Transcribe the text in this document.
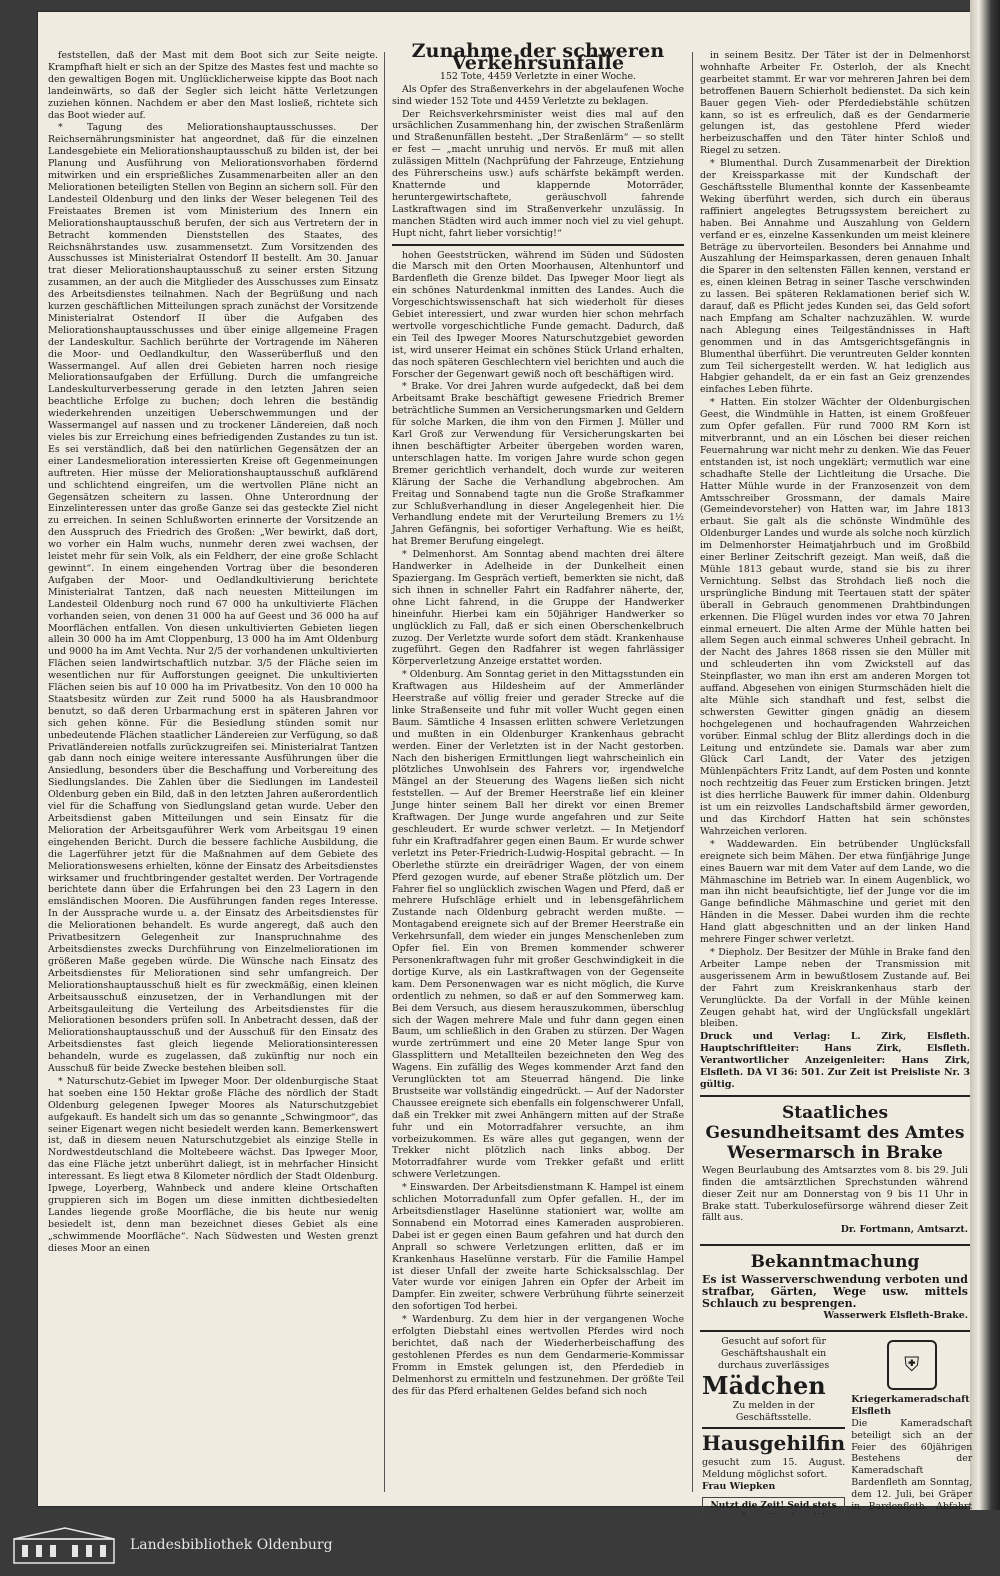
feststellen, daß der Mast mit dem Boot sich zur Seite neigte. Krampfhaft hielt er sich an der Spitze des Mastes fest und machte so den gewaltigen Bogen mit. Unglücklicherweise kippte das Boot nach landeinwärts, so daß der Segler sich leicht hätte Verletzungen zuziehen können. Nachdem er aber den Mast losließ, richtete sich das Boot wieder auf.

* Tagung des Meliorationshauptausschusses. Der Reichsernährungsminister hat angeordnet, daß für die einzelnen Landesgebiete ein Meliorationshauptausschuß zu bilden ist, der bei Planung und Ausführung von Meliorationsvorhaben fördernd mitwirken und ein ersprießliches Zusammenarbeiten aller an den Meliorationen beteiligten Stellen von Beginn an sichern soll. Für den Landesteil Oldenburg und den links der Weser belegenen Teil des Freistaates Bremen ist vom Ministerium des Innern ein Meliorationshauptausschuß berufen, der sich aus Vertretern der in Betracht kommenden Dienststellen des Staates, des Reichsnährstandes usw. zusammensetzt. Zum Vorsitzenden des Ausschusses ist Ministerialrat Ostendorf II bestellt. Am 30. Januar trat dieser Meliorationshauptausschuß zu seiner ersten Sitzung zusammen, an der auch die Mitglieder des Ausschusses zum Einsatz des Arbeitsdienstes teilnahmen. Nach der Begrüßung und nach kurzen geschäftlichen Mitteilungen sprach zunächst der Vorsitzende Ministerialrat Ostendorf II über die Aufgaben des Meliorationshauptausschusses und über einige allgemeine Fragen der Landeskultur. Sachlich berührte der Vortragende im Näheren die Moor- und Oedlandkultur, den Wasserüberfluß und den Wassermangel. Auf allen drei Gebieten harren noch riesige Meliorationsaufgaben der Erfüllung. Durch die umfangreiche Landeskulturverbesserung gerade in den letzten Jahren seien beachtliche Erfolge zu buchen; doch lehren die beständig wiederkehrenden unzeitigen Ueberschwemmungen und der Wassermangel auf nassen und zu trockener Ländereien, daß noch vieles bis zur Erreichung eines befriedigenden Zustandes zu tun ist. Es sei verständlich, daß bei den natürlichen Gegensätzen der an einer Landesmelioration interessierten Kreise oft Gegenmeinungen auftreten. Hier müsse der Meliorationshauptausschuß aufklärend und schlichtend eingreifen, um die wertvollen Pläne nicht an Gegensätzen scheitern zu lassen. Ohne Unterordnung der Einzelinteressen unter das große Ganze sei das gesteckte Ziel nicht zu erreichen. In seinen Schlußworten erinnerte der Vorsitzende an den Ausspruch des Friedrich des Großen: „Wer bewirkt, daß dort, wo vorher ein Halm wuchs, nunmehr deren zwei wachsen, der leistet mehr für sein Volk, als ein Feldherr, der eine große Schlacht gewinnt“. In einem eingehenden Vortrag über die besonderen Aufgaben der Moor- und Oedlandkultivierung berichtete Ministerialrat Tantzen, daß nach neuesten Mitteilungen im Landesteil Oldenburg noch rund 67 000 ha unkultivierte Flächen vorhanden seien, von denen 31 000 ha auf Geest und 36 000 ha auf Moorflächen entfallen. Von diesen unkultivierten Gebieten liegen allein 30 000 ha im Amt Cloppenburg, 13 000 ha im Amt Oldenburg und 9000 ha im Amt Vechta. Nur 2/5 der vorhandenen unkultivierten Flächen seien landwirtschaftlich nutzbar. 3/5 der Fläche seien im wesentlichen nur für Aufforstungen geeignet. Die unkultivierten Flächen seien bis auf 10 000 ha im Privatbesitz. Von den 10 000 ha Staatsbesitz würden zur Zeit rund 5000 ha als Hausbrandmoor benutzt, so daß deren Urbarmachung erst in späteren Jahren vor sich gehen könne. Für die Besiedlung stünden somit nur unbedeutende Flächen staatlicher Ländereien zur Verfügung, so daß Privatländereien notfalls zurückzugreifen sei. Ministerialrat Tantzen gab dann noch einige weitere interessante Ausführungen über die Ansiedlung, besonders über die Beschaffung und Vorbereitung des Siedlungslandes. Die Zahlen über die Siedlungen im Landesteil Oldenburg geben ein Bild, daß in den letzten Jahren außerordentlich viel für die Schaffung von Siedlungsland getan wurde. Ueber den Arbeitsdienst gaben Mitteilungen und sein Einsatz für die Melioration der Arbeitsgauführer Werk vom Arbeitsgau 19 einen eingehenden Bericht. Durch die bessere fachliche Ausbildung, die die Lagerführer jetzt für die Maßnahmen auf dem Gebiete des Meliorationswesens erhielten, könne der Einsatz des Arbeitsdienstes wirksamer und fruchtbringender gestaltet werden. Der Vortragende berichtete dann über die Erfahrungen bei den 23 Lagern in den emsländischen Mooren. Die Ausführungen fanden reges Interesse. In der Aussprache wurde u. a. der Einsatz des Arbeitsdienstes für die Meliorationen behandelt. Es wurde angeregt, daß auch den Privatbesitzern Gelegenheit zur Inanspruchnahme des Arbeitsdienstes zwecks Durchführung von Einzelmeliorationen im größeren Maße gegeben würde. Die Wünsche nach Einsatz des Arbeitsdienstes für Meliorationen sind sehr umfangreich. Der Meliorationshauptausschuß hielt es für zweckmäßig, einen kleinen Arbeitsausschuß einzusetzen, der in Verhandlungen mit der Arbeitsgauleitung die Verteilung des Arbeitsdienstes für die Meliorationen besonders prüfen soll. In Anbetracht dessen, daß der Meliorationshauptausschuß und der Ausschuß für den Einsatz des Arbeitsdienstes fast gleich liegende Meliorationsinteressen behandeln, wurde es zugelassen, daß zukünftig nur noch ein Ausschuß für beide Zwecke bestehen bleiben soll.

* Naturschutz-Gebiet im Ipweger Moor. Der oldenburgische Staat hat soeben eine 150 Hektar große Fläche des nördlich der Stadt Oldenburg gelegenen Ipweger Moores als Naturschutzgebiet aufgekauft. Es handelt sich um das so genannte „Schwingmoor“, das seiner Eigenart wegen nicht besiedelt werden kann. Bemerkenswert ist, daß in diesem neuen Naturschutzgebiet als einzige Stelle in Nordwestdeutschland die Moltebeere wächst. Das Ipweger Moor, das eine Fläche jetzt unberührt daliegt, ist in mehrfacher Hinsicht interessant. Es liegt etwa 8 Kilometer nördlich der Stadt Oldenburg. Ipwege, Loyerberg, Wahnbeck und andere kleine Ortschaften gruppieren sich im Bogen um diese inmitten dichtbesiedelten Landes liegende große Moorfläche, die bis heute nur wenig besiedelt ist, denn man bezeichnet dieses Gebiet als eine „schwimmende Moorfläche“. Nach Südwesten und Westen grenzt dieses Moor an einen

Zunahme der schweren Verkehrsunfälle

152 Tote, 4459 Verletzte in einer Woche.

Als Opfer des Straßenverkehrs in der abgelaufenen Woche sind wieder 152 Tote und 4459 Verletzte zu beklagen.

Der Reichsverkehrsminister weist dies mal auf den ursächlichen Zusammenhang hin, der zwischen Straßenlärm und Straßenunfällen besteht. „Der Straßenlärm“ — so stellt er fest — „macht unruhig und nervös. Er muß mit allen zulässigen Mitteln (Nachprüfung der Fahrzeuge, Entziehung des Führerscheins usw.) aufs schärfste bekämpft werden. Knatternde und klappernde Motorräder, heruntergewirtschaftete, geräuschvoll fahrende Lastkraftwagen sind im Straßenverkehr unzulässig. In manchen Städten wird auch immer noch viel zu viel gehupt. Hupt nicht, fahrt lieber vorsichtig!“

hohen Geeststrücken, während im Süden und Südosten die Marsch mit den Orten Moorhausen, Altenhuntorf und Bardenfleth die Grenze bildet. Das Ipweger Moor liegt als ein schönes Naturdenkmal inmitten des Landes. Auch die Vorgeschichtswissenschaft hat sich wiederholt für dieses Gebiet interessiert, und zwar wurden hier schon mehrfach wertvolle vorgeschichtliche Funde gemacht. Dadurch, daß ein Teil des Ipweger Moores Naturschutzgebiet geworden ist, wird unserer Heimat ein schönes Stück Urland erhalten, das noch späteren Geschlechtern viel berichten und auch die Forscher der Gegenwart gewiß noch oft beschäftigen wird.

* Brake. Vor drei Jahren wurde aufgedeckt, daß bei dem Arbeitsamt Brake beschäftigt gewesene Friedrich Bremer beträchtliche Summen an Versicherungsmarken und Geldern für solche Marken, die ihm von den Firmen J. Müller und Karl Groß zur Verwendung für Versicherungskarten bei ihnen beschäftigter Arbeiter übergeben worden waren, unterschlagen hatte. Im vorigen Jahre wurde schon gegen Bremer gerichtlich verhandelt, doch wurde zur weiteren Klärung der Sache die Verhandlung abgebrochen. Am Freitag und Sonnabend tagte nun die Große Strafkammer zur Schlußverhandlung in dieser Angelegenheit hier. Die Verhandlung endete mit der Verurteilung Bremers zu 1½ Jahren Gefängnis, bei sofortiger Verhaftung. Wie es heißt, hat Bremer Berufung eingelegt.

* Delmenhorst. Am Sonntag abend machten drei ältere Handwerker in Adelheide in der Dunkelheit einen Spaziergang. Im Gespräch vertieft, bemerkten sie nicht, daß sich ihnen in schneller Fahrt ein Radfahrer näherte, der, ohne Licht fahrend, in die Gruppe der Handwerker hineinfuhr. Hierbei kam ein 50jähriger Handwerker so unglücklich zu Fall, daß er sich einen Oberschenkelbruch zuzog. Der Verletzte wurde sofort dem städt. Krankenhause zugeführt. Gegen den Radfahrer ist wegen fahrlässiger Körperverletzung Anzeige erstattet worden.

* Oldenburg. Am Sonntag geriet in den Mittagsstunden ein Kraftwagen aus Hildesheim auf der Ammerländer Heerstraße auf völlig freier und gerader Strecke auf die linke Straßenseite und fuhr mit voller Wucht gegen einen Baum. Sämtliche 4 Insassen erlitten schwere Verletzungen und mußten in ein Oldenburger Krankenhaus gebracht werden. Einer der Verletzten ist in der Nacht gestorben. Nach den bisherigen Ermittlungen liegt wahrscheinlich ein plötzliches Unwohlsein des Fahrers vor, irgendwelche Mängel an der Steuerung des Wagens ließen sich nicht feststellen. — Auf der Bremer Heerstraße lief ein kleiner Junge hinter seinem Ball her direkt vor einen Bremer Kraftwagen. Der Junge wurde angefahren und zur Seite geschleudert. Er wurde schwer verletzt. — In Metjendorf fuhr ein Kraftradfahrer gegen einen Baum. Er wurde schwer verletzt ins Peter-Friedrich-Ludwig-Hospital gebracht. — In Oberlethe stürzte ein dreirädriger Wagen, der von einem Pferd gezogen wurde, auf ebener Straße plötzlich um. Der Fahrer fiel so unglücklich zwischen Wagen und Pferd, daß er mehrere Hufschläge erhielt und in lebensgefährlichem Zustande nach Oldenburg gebracht werden mußte. — Montagabend ereignete sich auf der Bremer Heerstraße ein Verkehrsunfall, dem wieder ein junges Menschenleben zum Opfer fiel. Ein von Bremen kommender schwerer Personenkraftwagen fuhr mit großer Geschwindigkeit in die dortige Kurve, als ein Lastkraftwagen von der Gegenseite kam. Dem Personenwagen war es nicht möglich, die Kurve ordentlich zu nehmen, so daß er auf den Sommerweg kam. Bei dem Versuch, aus diesem herauszukommen, überschlug sich der Wagen mehrere Male und fuhr dann gegen einen Baum, um schließlich in den Graben zu stürzen. Der Wagen wurde zertrümmert und eine 20 Meter lange Spur von Glassplittern und Metallteilen bezeichneten den Weg des Wagens. Ein zufällig des Weges kommender Arzt fand den Verunglückten tot am Steuerrad hängend. Die linke Brustseite war vollständig eingedrückt. — Auf der Nadorster Chaussee ereignete sich ebenfalls ein folgenschwerer Unfall, daß ein Trekker mit zwei Anhängern mitten auf der Straße fuhr und ein Motorradfahrer versuchte, an ihm vorbeizukommen. Es wäre alles gut gegangen, wenn der Trekker nicht plötzlich nach links abbog. Der Motorradfahrer wurde vom Trekker gefaßt und erlitt schwere Verletzungen.

* Einswarden. Der Arbeitsdienstmann K. Hampel ist einem schlichen Motorradunfall zum Opfer gefallen. H., der im Arbeitsdienstlager Haselünne stationiert war, wollte am Sonnabend ein Motorrad eines Kameraden ausprobieren. Dabei ist er gegen einen Baum gefahren und hat durch den Anprall so schwere Verletzungen erlitten, daß er im Krankenhaus Haselünne verstarb. Für die Familie Hampel ist dieser Unfall der zweite harte Schicksalsschlag. Der Vater wurde vor einigen Jahren ein Opfer der Arbeit im Dampfer. Ein zweiter, schwere Verbrühung führte seinerzeit den sofortigen Tod herbei.

* Wardenburg. Zu dem hier in der vergangenen Woche erfolgten Diebstahl eines wertvollen Pferdes wird noch berichtet, daß nach der Wiederherbeischaffung des gestohlenen Pferdes es nun dem Gendarmerie-Kommissar Fromm in Emstek gelungen ist, den Pferdedieb in Delmenhorst zu ermitteln und festzunehmen. Der größte Teil des für das Pferd erhaltenen Geldes befand sich noch

in seinem Besitz. Der Täter ist der in Delmenhorst wohnhafte Arbeiter Fr. Osterloh, der als Knecht gearbeitet stammt. Er war vor mehreren Jahren bei dem betroffenen Bauern Schierholt bedienstet. Da sich kein Bauer gegen Vieh- oder Pferdediebstähle schützen kann, so ist es erfreulich, daß es der Gendarmerie gelungen ist, das gestohlene Pferd wieder herbeizuschaffen und den Täter hinter Schloß und Riegel zu setzen.

* Blumenthal. Durch Zusammenarbeit der Direktion der Kreissparkasse mit der Kundschaft der Geschäftsstelle Blumenthal konnte der Kassenbeamte Weking überführt werden, sich durch ein überaus raffiniert angelegtes Betrugssystem bereichert zu haben. Bei Annahme und Auszahlung von Geldern verfand er es, einzelne Kassenkunden um meist kleinere Beträge zu übervorteilen. Besonders bei Annahme und Auszahlung der Heimsparkassen, deren genauen Inhalt die Sparer in den seltensten Fällen kennen, verstand er es, einen kleinen Betrag in seiner Tasche verschwinden zu lassen. Bei späteren Reklamationen berief sich W. darauf, daß es Pflicht jedes Kunden sei, das Geld sofort nach Empfang am Schalter nachzuzählen. W. wurde nach Ablegung eines Teilgeständnisses in Haft genommen und in das Amtsgerichtsgefängnis in Blumenthal überführt. Die veruntreuten Gelder konnten zum Teil sichergestellt werden. W. hat lediglich aus Habgier gehandelt, da er ein fast an Geiz grenzendes einfaches Leben führte.

* Hatten. Ein stolzer Wächter der Oldenburgischen Geest, die Windmühle in Hatten, ist einem Großfeuer zum Opfer gefallen. Für rund 7000 RM Korn ist mitverbrannt, und an ein Löschen bei dieser reichen Feuernahrung war nicht mehr zu denken. Wie das Feuer entstanden ist, ist noch ungeklärt; vermutlich war eine schadhafte Stelle der Lichtleitung die Ursache. Die Hatter Mühle wurde in der Franzosenzeit von dem Amtsschreiber Grossmann, der damals Maire (Gemeindevorsteher) von Hatten war, im Jahre 1813 erbaut. Sie galt als die schönste Windmühle des Oldenburger Landes und wurde als solche noch kürzlich im Delmenhorster Heimatjahrbuch und im Großbild einer Berliner Zeitschrift gezeigt. Man weiß, daß die Mühle 1813 gebaut wurde, stand sie bis zu ihrer Vernichtung. Selbst das Strohdach ließ noch die ursprüngliche Bindung mit Teertauen statt der später überall in Gebrauch genommenen Drahtbindungen erkennen. Die Flügel wurden indes vor etwa 70 Jahren einmal erneuert. Die alten Arme der Mühle hatten bei allem Segen auch einmal schweres Unheil gebracht. In der Nacht des Jahres 1868 rissen sie den Müller mit und schleuderten ihn vom Zwickstell auf das Steinpflaster, wo man ihn erst am anderen Morgen tot auffand. Abgesehen von einigen Sturmschäden hielt die alte Mühle sich standhaft und fest, selbst die schwersten Gewitter gingen gnädig an diesem hochgelegenen und hochaufragenden Wahrzeichen vorüber. Einmal schlug der Blitz allerdings doch in die Leitung und entzündete sie. Damals war aber zum Glück Carl Landt, der Vater des jetzigen Mühlenpächters Fritz Landt, auf dem Posten und konnte noch rechtzeitig das Feuer zum Ersticken bringen. Jetzt ist dies herrliche Bauwerk für immer dahin. Oldenburg ist um ein reizvolles Landschaftsbild ärmer geworden, und das Kirchdorf Hatten hat sein schönstes Wahrzeichen verloren.

* Waddewarden. Ein betrübender Unglücksfall ereignete sich beim Mähen. Der etwa fünfjährige Junge eines Bauern war mit dem Vater auf dem Lande, wo die Mähmaschine im Betrieb war. In einem Augenblick, wo man ihn nicht beaufsichtigte, lief der Junge vor die im Gange befindliche Mähmaschine und geriet mit den Händen in die Messer. Dabei wurden ihm die rechte Hand glatt abgeschnitten und an der linken Hand mehrere Finger schwer verletzt.

* Diepholz. Der Besitzer der Mühle in Brake fand den Arbeiter Lampe neben der Transmission mit ausgerissenem Arm in bewußtlosem Zustande auf. Bei der Fahrt zum Kreiskrankenhaus starb der Verunglückte. Da der Vorfall in der Mühle keinen Zeugen gehabt hat, wird der Unglücksfall ungeklärt bleiben.

Druck und Verlag: L. Zirk, Elsfleth. Hauptschriftleiter: Hans Zirk, Elsfleth. Verantwortlicher Anzeigenleiter: Hans Zirk, Elsfleth. DA VI 36: 501. Zur Zeit ist Preisliste Nr. 3 gültig.

Staatliches Gesundheitsamt des Amtes Wesermarsch in Brake
Wegen Beurlaubung des Amtsarztes vom 8. bis 29. Juli finden die amtsärztlichen Sprechstunden während dieser Zeit nur am Donnerstag von 9 bis 11 Uhr in Brake statt. Tuberkulosefürsorge während dieser Zeit fällt aus.
Dr. Fortmann, Amtsarzt.
Bekanntmachung
Es ist Wasserverschwendung verboten und strafbar, Gärten, Wege usw. mittels Schlauch zu besprengen.
Wasserwerk Elsfleth-Brake.
Gesucht auf sofort für Geschäftshaushalt ein durchaus zuverlässiges
Mädchen
Zu melden in der Geschäftsstelle.
Hausgehilfin
gesucht zum 15. August. Meldung möglichst sofort.
Frau Wiepken
Nutzt die Zeit! Seid stets
⛨
Kriegerkameradschaft Elsfleth
Die Kameradschaft beteiligt sich an der Feier des 60jährigen Bestehens der Kameradschaft Bardenfleth am Sonntag, dem 12. Juli, bei Gräper in Bardenfleth. Abfahrt
Landesbibliothek Oldenburg
